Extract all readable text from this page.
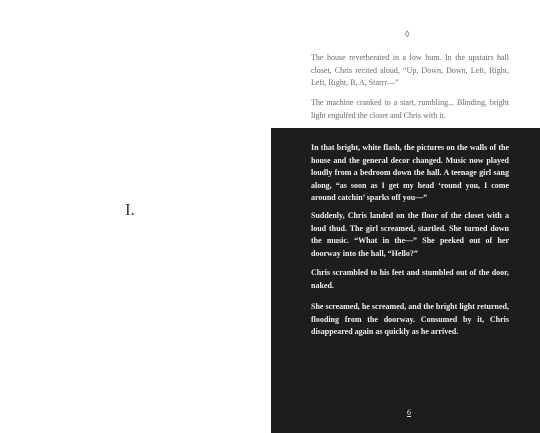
I.
◊

The house reverberated in a low hum. In the upstairs hall closet, Chris recited aloud, “Up, Down, Down, Left, Right, Left, Right, B, A, Starrr—”

The machine cranked to a start, rumbling... Blinding, bright light engulfed the closet and Chris with it.

In that bright, white flash, the pictures on the walls of the house and the general decor changed. Music now played loudly from a bedroom down the hall. A teenage girl sang along, “as soon as I get my head ‘round you, I come around catchin’ sparks off you—”

Suddenly, Chris landed on the floor of the closet with a loud thud. The girl screamed, startled. She turned down the music. “What in the—” She peeked out of her doorway into the hall, “Hello?”

Chris scrambled to his feet and stumbled out of the door, naked.

She screamed, he screamed, and the bright light returned, flooding from the doorway. Consumed by it, Chris disappeared again as quickly as he arrived.

6
